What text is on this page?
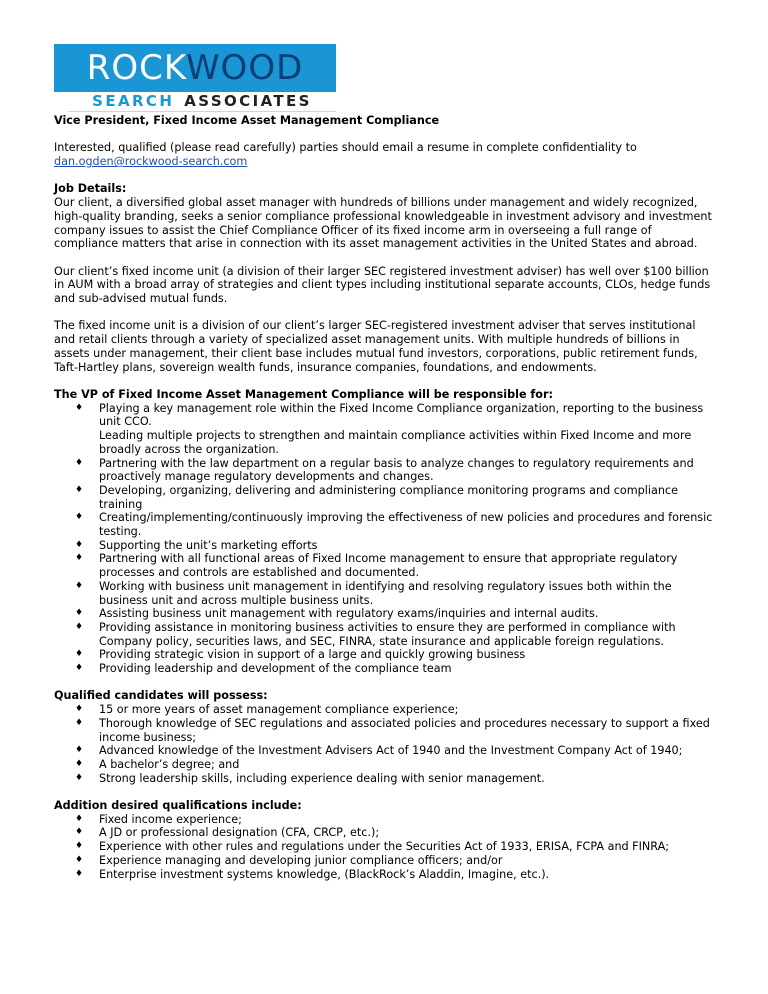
ROCKWOOD
SEARCH ASSOCIATES
Vice President, Fixed Income Asset Management Compliance

Interested, qualified (please read carefully) parties should email a resume in complete confidentiality to
dan.ogden@rockwood-search.com

Job Details:

Our client, a diversified global asset manager with hundreds of billions under management and widely recognized, high-quality branding, seeks a senior compliance professional knowledgeable in investment advisory and investment company issues to assist the Chief Compliance Officer of its fixed income arm in overseeing a full range of compliance matters that arise in connection with its asset management activities in the United States and abroad.

Our client’s fixed income unit (a division of their larger SEC registered investment adviser) has well over $100 billion in AUM with a broad array of strategies and client types including institutional separate accounts, CLOs, hedge funds and sub-advised mutual funds.

The fixed income unit is a division of our client’s larger SEC-registered investment adviser that serves institutional and retail clients through a variety of specialized asset management units. With multiple hundreds of billions in assets under management, their client base includes mutual fund investors, corporations, public retirement funds, Taft-Hartley plans, sovereign wealth funds, insurance companies, foundations, and endowments.

The VP of Fixed Income Asset Management Compliance will be responsible for:
♦ Playing a key management role within the Fixed Income Compliance organization, reporting to the business unit CCO.
Leading multiple projects to strengthen and maintain compliance activities within Fixed Income and more broadly across the organization.
♦ Partnering with the law department on a regular basis to analyze changes to regulatory requirements and proactively manage regulatory developments and changes.
♦ Developing, organizing, delivering and administering compliance monitoring programs and compliance training
♦ Creating/implementing/continuously improving the effectiveness of new policies and procedures and forensic testing.
♦ Supporting the unit’s marketing efforts
♦ Partnering with all functional areas of Fixed Income management to ensure that appropriate regulatory processes and controls are established and documented.
♦ Working with business unit management in identifying and resolving regulatory issues both within the business unit and across multiple business units.
♦ Assisting business unit management with regulatory exams/inquiries and internal audits.
♦ Providing assistance in monitoring business activities to ensure they are performed in compliance with Company policy, securities laws, and SEC, FINRA, state insurance and applicable foreign regulations.
♦ Providing strategic vision in support of a large and quickly growing business
♦ Providing leadership and development of the compliance team
Qualified candidates will possess:
♦ 15 or more years of asset management compliance experience;
♦ Thorough knowledge of SEC regulations and associated policies and procedures necessary to support a fixed income business;
♦ Advanced knowledge of the Investment Advisers Act of 1940 and the Investment Company Act of 1940;
♦ A bachelor’s degree; and
♦ Strong leadership skills, including experience dealing with senior management.
Addition desired qualifications include:
♦ Fixed income experience;
♦ A JD or professional designation (CFA, CRCP, etc.);
♦ Experience with other rules and regulations under the Securities Act of 1933, ERISA, FCPA and FINRA;
♦ Experience managing and developing junior compliance officers; and/or
♦ Enterprise investment systems knowledge, (BlackRock’s Aladdin, Imagine, etc.).
